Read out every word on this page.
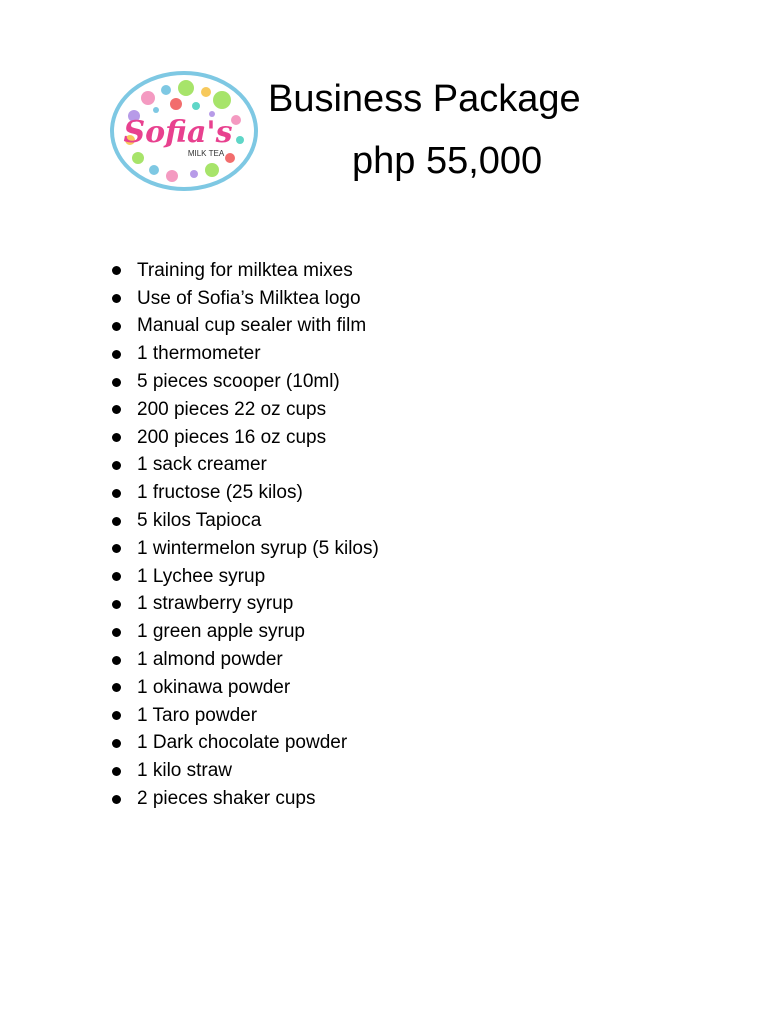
Sofia's
MILK TEA
Business Package
php 55,000
Training for milktea mixes
Use of Sofia’s Milktea logo
Manual cup sealer with film
1 thermometer
5 pieces scooper (10ml)
200 pieces 22 oz cups
200 pieces 16 oz cups
1 sack creamer
1 fructose (25 kilos)
5 kilos Tapioca
1 wintermelon syrup (5 kilos)
1 Lychee syrup
1 strawberry syrup
1 green apple syrup
1 almond powder
1 okinawa powder
1 Taro powder
1 Dark chocolate powder
1 kilo straw
2 pieces shaker cups
